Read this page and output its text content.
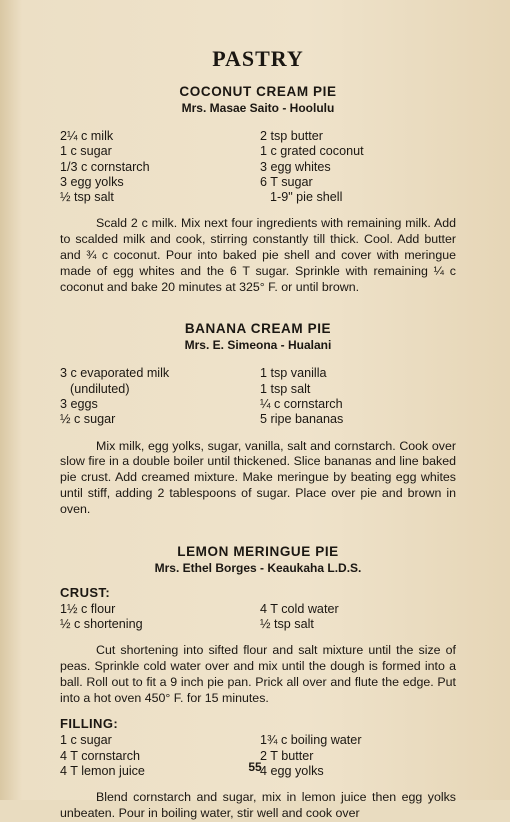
PASTRY
COCONUT CREAM PIE
Mrs. Masae Saito - Hoolulu
2¼ c milk
1 c sugar
1/3 c cornstarch
3 egg yolks
½ tsp salt
2 tsp butter
1 c grated coconut
3 egg whites
6 T sugar
1-9" pie shell
Scald 2 c milk. Mix next four ingredients with remaining milk. Add to scalded milk and cook, stirring constantly till thick. Cool. Add butter and ¾ c coconut. Pour into baked pie shell and cover with meringue made of egg whites and the 6 T sugar. Sprinkle with remaining ¼ c coconut and bake 20 minutes at 325° F. or until brown.
BANANA CREAM PIE
Mrs. E. Simeona - Hualani
3 c evaporated milk
(undiluted)
3 eggs
½ c sugar
1 tsp vanilla
1 tsp salt
¼ c cornstarch
5 ripe bananas
Mix milk, egg yolks, sugar, vanilla, salt and cornstarch. Cook over slow fire in a double boiler until thickened. Slice bananas and line baked pie crust. Add creamed mixture. Make meringue by beating egg whites until stiff, adding 2 tablespoons of sugar. Place over pie and brown in oven.
LEMON MERINGUE PIE
Mrs. Ethel Borges - Keaukaha L.D.S.
CRUST:
1½ c flour
½ c shortening
4 T cold water
½ tsp salt
Cut shortening into sifted flour and salt mixture until the size of peas. Sprinkle cold water over and mix until the dough is formed into a ball. Roll out to fit a 9 inch pie pan. Prick all over and flute the edge. Put into a hot oven 450° F. for 15 minutes.
FILLING:
1 c sugar
4 T cornstarch
4 T lemon juice
1¾ c boiling water
2 T butter
4 egg yolks
Blend cornstarch and sugar, mix in lemon juice then egg yolks unbeaten. Pour in boiling water, stir well and cook over
55
